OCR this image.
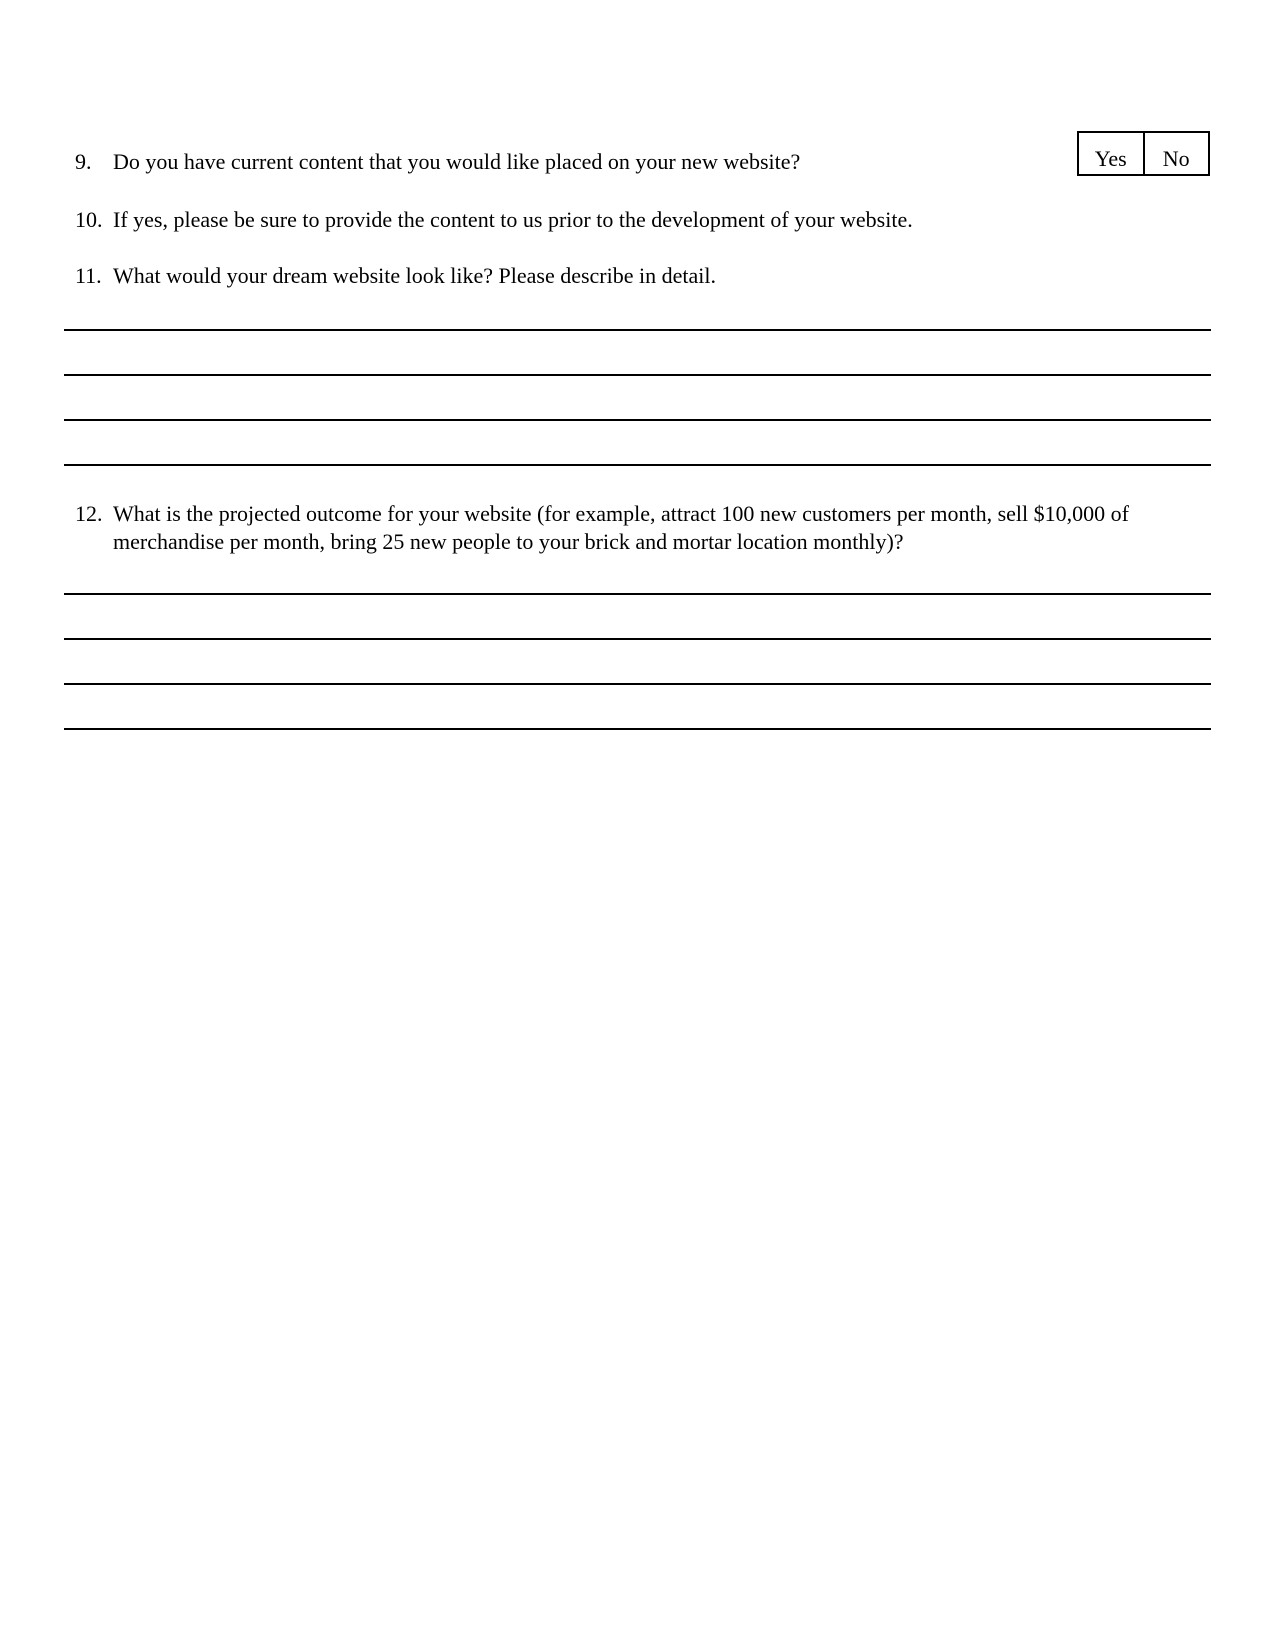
9. Do you have current content that you would like placed on your new website?	Yes	No
10. If yes, please be sure to provide the content to us prior to the development of your website.
11. What would your dream website look like? Please describe in detail.
12. What is the projected outcome for your website (for example, attract 100 new customers per month, sell $10,000 of merchandise per month, bring 25 new people to your brick and mortar location monthly)?
